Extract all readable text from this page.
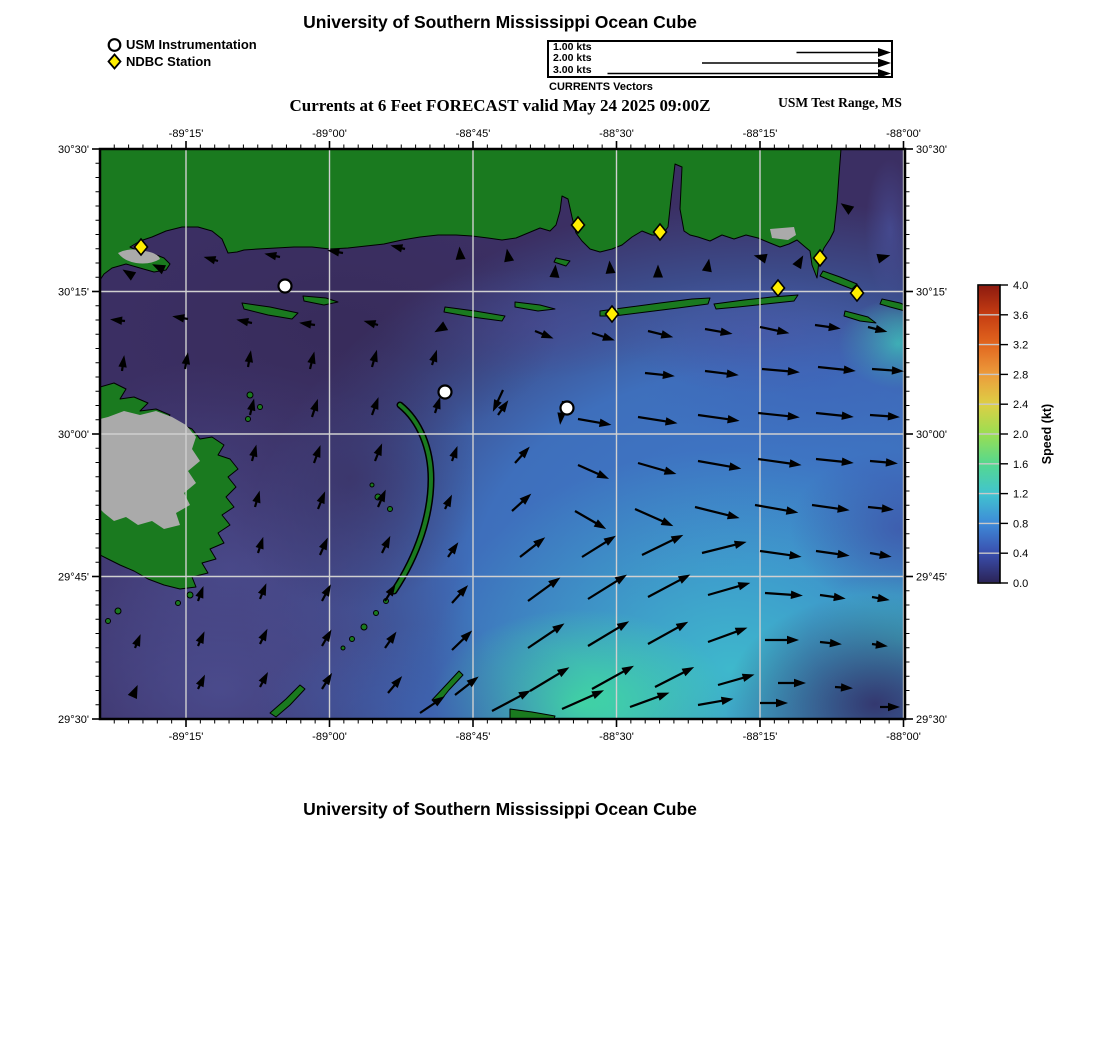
University of Southern Mississippi Ocean Cube
Currents at 6 Feet FORECAST valid May 24 2025 09:00Z	USM Test Range, MS
University of Southern Mississippi Ocean Cube
USM Instrumentation
NDBC Station
1.00 kts
2.00 kts
3.00 kts
CURRENTS Vectors
-89°15'
-89°15'
-89°00'
-89°00'
-88°45'
-88°45'
-88°30'
-88°30'
-88°15'
-88°15'
-88°00'
-88°00'
30°30'	30°30'
30°15'	30°15'
30°00'	30°00'
29°45'	29°45'
29°30'	29°30'
0.0
0.4
0.8
1.2
1.6
2.0
2.4
2.8
3.2
3.6
4.0
Speed (kt)
